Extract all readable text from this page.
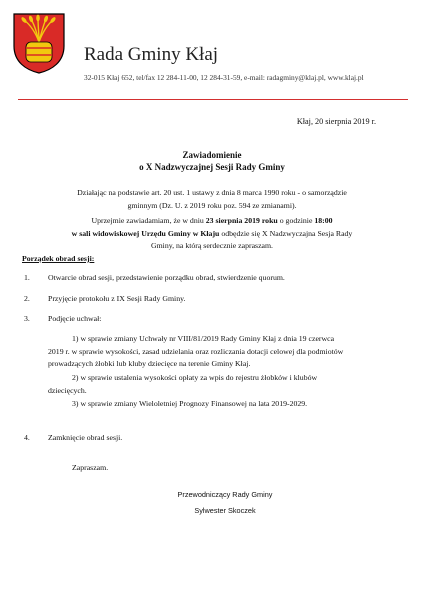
Rada Gminy Kłaj
32-015 Kłaj 652, tel/fax 12 284-11-00, 12 284-31-59, e-mail: radagminy@klaj.pl, www.klaj.pl
Kłaj, 20 sierpnia 2019 r.
Zawiadomienie
o X Nadzwyczajnej Sesji Rady Gminy
Działając na podstawie art. 20 ust. 1 ustawy z dnia 8 marca 1990 roku - o samorządzie
gminnym (Dz. U. z 2019 roku poz. 594 ze zmianami).
Uprzejmie zawiadamiam, że w dniu 23 sierpnia 2019 roku o godzinie 18:00
w sali widowiskowej Urzędu Gminy w Kłaju odbędzie się X Nadzwyczajna Sesja Rady
Gminy, na którą serdecznie zapraszam.
Porządek obrad sesji:
1. Otwarcie obrad sesji, przedstawienie porządku obrad, stwierdzenie quorum.
2. Przyjęcie protokołu z IX Sesji Rady Gminy.
3. Podjęcie uchwał:
1) w sprawie zmiany Uchwały nr VIII/81/2019 Rady Gminy Kłaj z dnia 19 czerwca
2019 r. w sprawie wysokości, zasad udzielania oraz rozliczania dotacji celowej dla podmiotów
prowadzących żłobki lub kluby dziecięce na terenie Gminy Kłaj.
2) w sprawie ustalenia wysokości opłaty za wpis do rejestru żłobków i klubów
dziecięcych.
3) w sprawie zmiany Wieloletniej Prognozy Finansowej na lata 2019-2029.
4. Zamknięcie obrad sesji.
Zapraszam.
Przewodniczący Rady Gminy
Sylwester Skoczek
